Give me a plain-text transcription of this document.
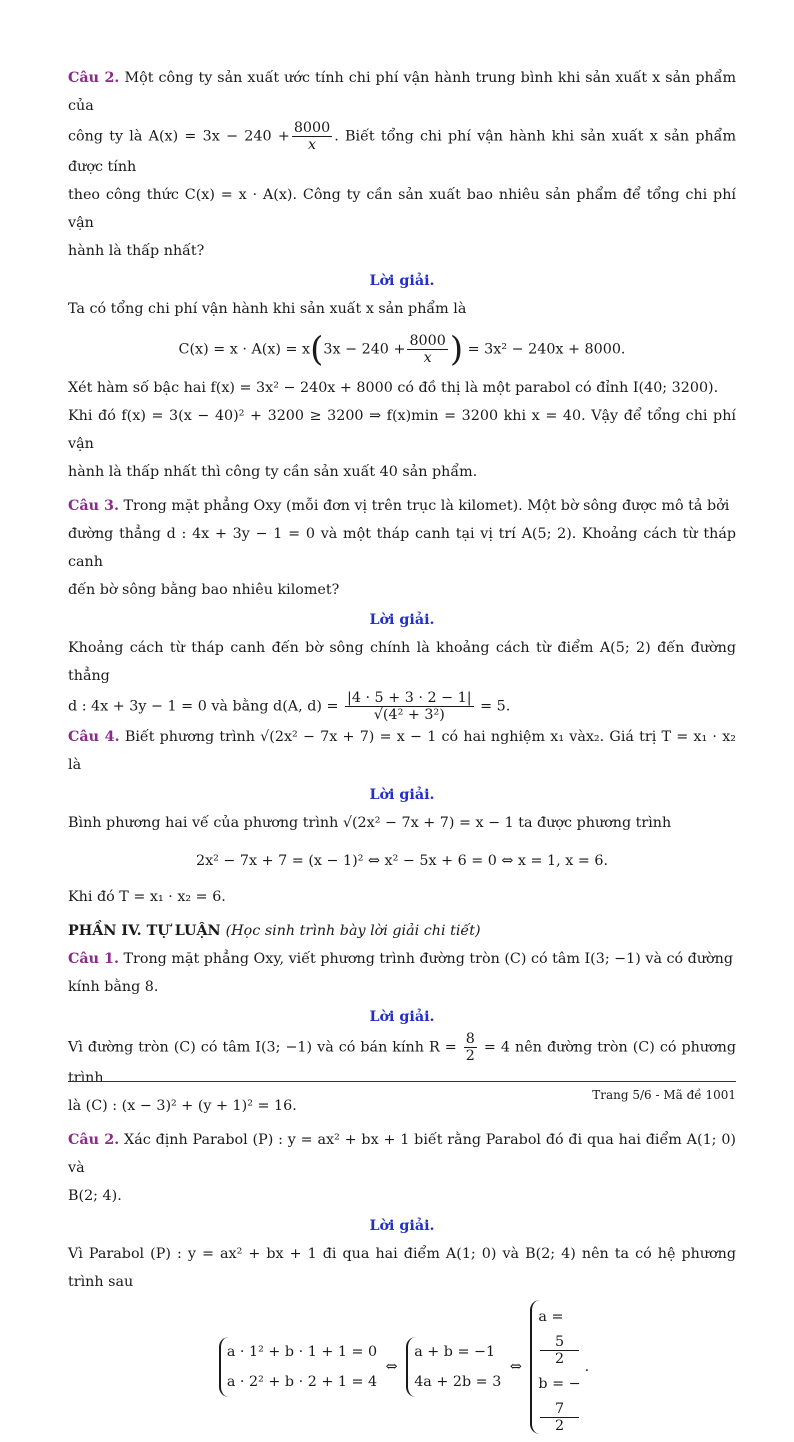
Câu 2. Một công ty sản xuất ước tính chi phí vận hành trung bình khi sản xuất x sản phẩm của

công ty là $A(x) = 3x - 240 + \frac{8000}{x}$ . Biết tổng chi phí vận hành khi sản xuất x sản phẩm được tính

theo công thức C(x) = x · A(x). Công ty cần sản xuất bao nhiêu sản phẩm để tổng chi phí vận

hành là thấp nhất?

Lời giải.

Ta có tổng chi phí vận hành khi sản xuất x sản phẩm là

$C(x) = x \cdot A(x) = x(3x - 240 + \frac{8000}{x}$ ) = 3x² − 240x + 8000.

Xét hàm số bậc hai f(x) = 3x² − 240x + 8000 có đồ thị là một parabol có đỉnh I(40; 3200).

Khi đó f(x) = 3(x − 40)² + 3200 ≥ 3200 ⇒ f(x)min = 3200 khi x = 40. Vậy để tổng chi phí vận

hành là thấp nhất thì công ty cần sản xuất 40 sản phẩm.

Câu 3. Trong mặt phẳng Oxy (mỗi đơn vị trên trục là kilomet). Một bờ sông được mô tả bởi

đường thẳng d : 4x + 3y − 1 = 0 và một tháp canh tại vị trí A(5; 2). Khoảng cách từ tháp canh

đến bờ sông bằng bao nhiêu kilomet?

Lời giải.

Khoảng cách từ tháp canh đến bờ sông chính là khoảng cách từ điểm A(5; 2) đến đường thẳng

d : 4x + 3y − 1 = 0 và bằng d(A, $d) = \frac{|4 \cdot 5 + 3 \cdot 2 - 1|}{\text{√(4² + 3²)}} = 5$.

Câu 4. Biết phương trình √(2x² − 7x + 7) = x − 1 có hai nghiệm x₁ vàx₂. Giá trị T = x₁ · x₂ là

Lời giải.

Bình phương hai vế của phương trình √(2x² − 7x + 7) = x − 1 ta được phương trình

2x² − 7x + 7 = (x − 1)² ⇔ x² − 5x + 6 = 0 ⇔ x = 1, x = 6.

Khi đó T = x₁ · x₂ = 6.

PHẦN IV. TỰ LUẬN (Học sinh trình bày lời giải chi tiết)

Câu 1. Trong mặt phẳng Oxy, viết phương trình đường tròn (C) có tâm I(3; −1) và có đường

kính bằng 8.

Lời giải.

Vì đường tròn (C) có tâm I(3; −1) và có bán kính $R = \frac{8}{2} = 4$ nên đường tròn (C) có phương trình

là (C) : (x − 3)² + (y + 1)² = 16.

Câu 2. Xác định Parabol (P) : y = ax² + bx + 1 biết rằng Parabol đó đi qua hai điểm A(1; 0) và

B(2; 4).

Lời giải.

Vì Parabol (P) : y = ax² + bx + 1 đi qua hai điểm A(1; 0) và B(2; 4) nên ta có hệ phương trình sau

a · 1² + b · 1 + 1 = 0
a · 2² + b · 2 + 1 = 4
⇔
a + b = −1
4a + 2b = 3
⇔
a =
5
2
b = −
7
2
.
Trang 5/6 - Mã đề 1001
